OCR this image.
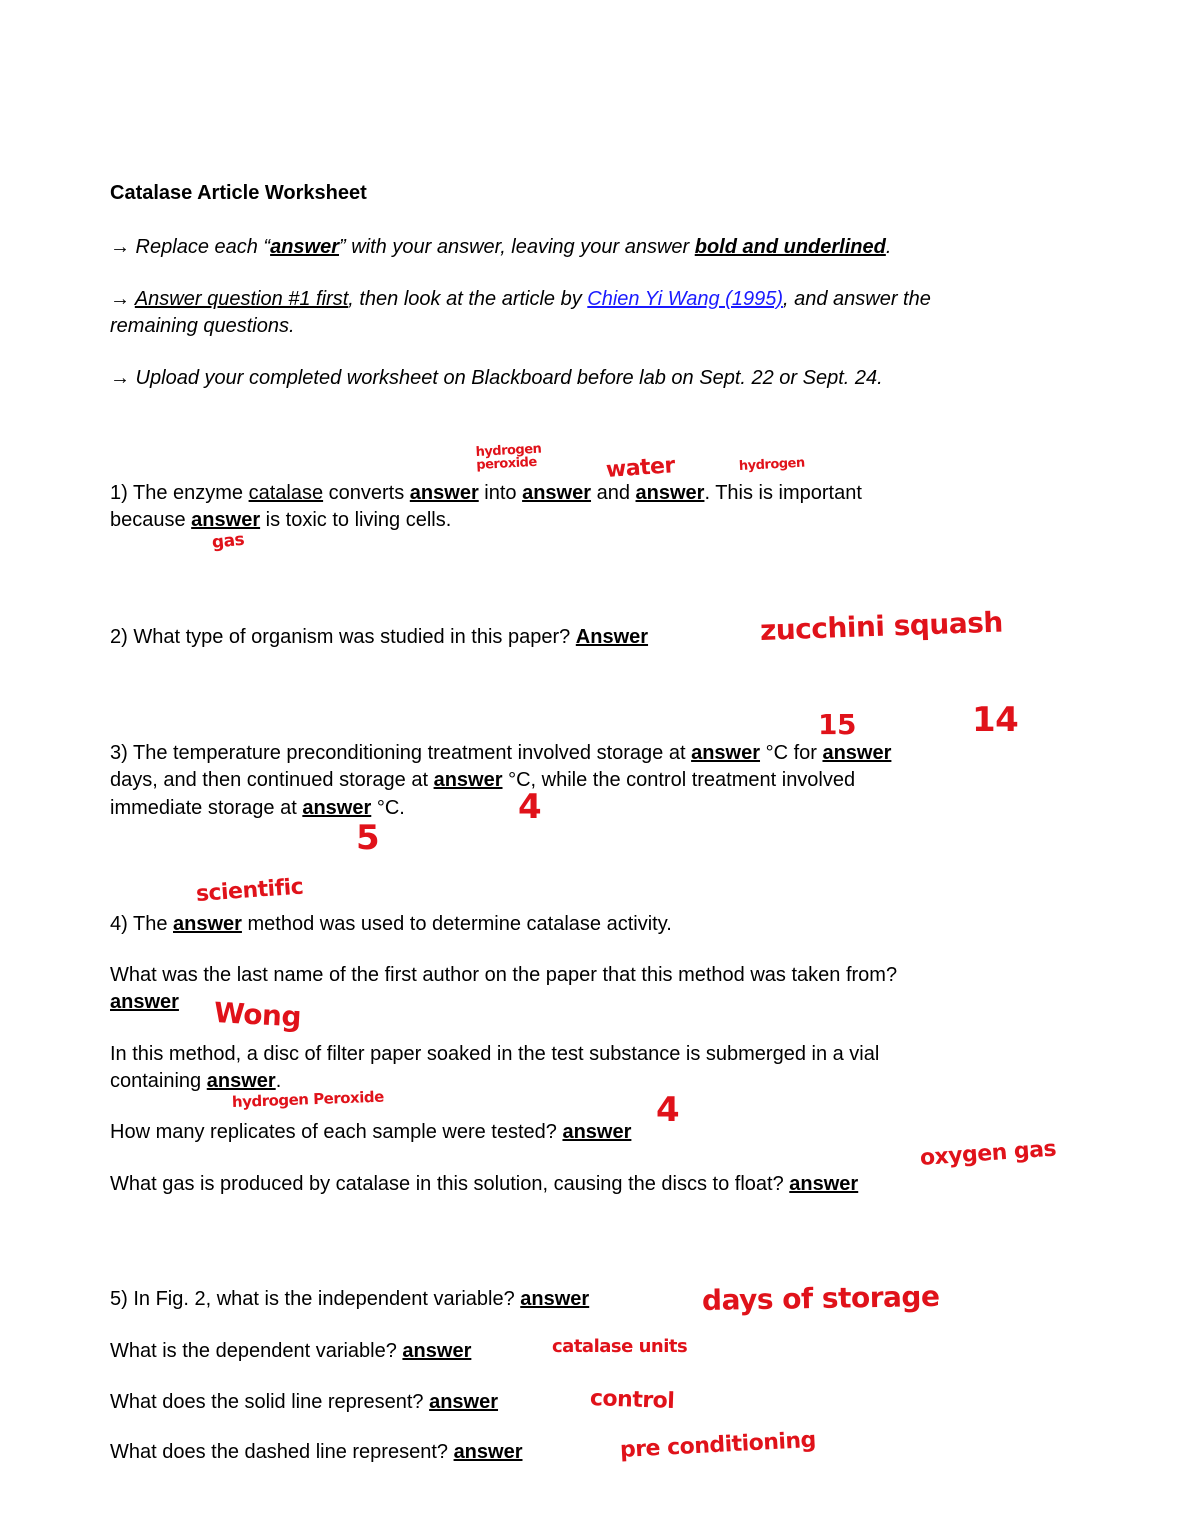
Catalase Article Worksheet

→ Replace each “answer” with your answer, leaving your answer bold and underlined.

→ Answer question #1 first, then look at the article by Chien Yi Wang (1995), and answer the

remaining questions.

→ Upload your completed worksheet on Blackboard before lab on Sept. 22 or Sept. 24.

1) The enzyme catalase converts answer into answer and answer. This is important

because answer is toxic to living cells.

2) What type of organism was studied in this paper? Answer

3) The temperature preconditioning treatment involved storage at answer °C for answer

days, and then continued storage at answer °C, while the control treatment involved

immediate storage at answer °C.

4) The answer method was used to determine catalase activity.

What was the last name of the first author on the paper that this method was taken from?

answer

In this method, a disc of filter paper soaked in the test substance is submerged in a vial

containing answer.

How many replicates of each sample were tested? answer

What gas is produced by catalase in this solution, causing the discs to float? answer

5) In Fig. 2, what is the independent variable? answer

What is the dependent variable? answer

What does the solid line represent? answer

What does the dashed line represent? answer

hydrogen
peroxide	water	hydrogen
gas
zucchini squash
15	14
4
5
scientific
Wong
hydrogen Peroxide	4
oxygen gas
days of storage
catalase units
control
pre conditioning
